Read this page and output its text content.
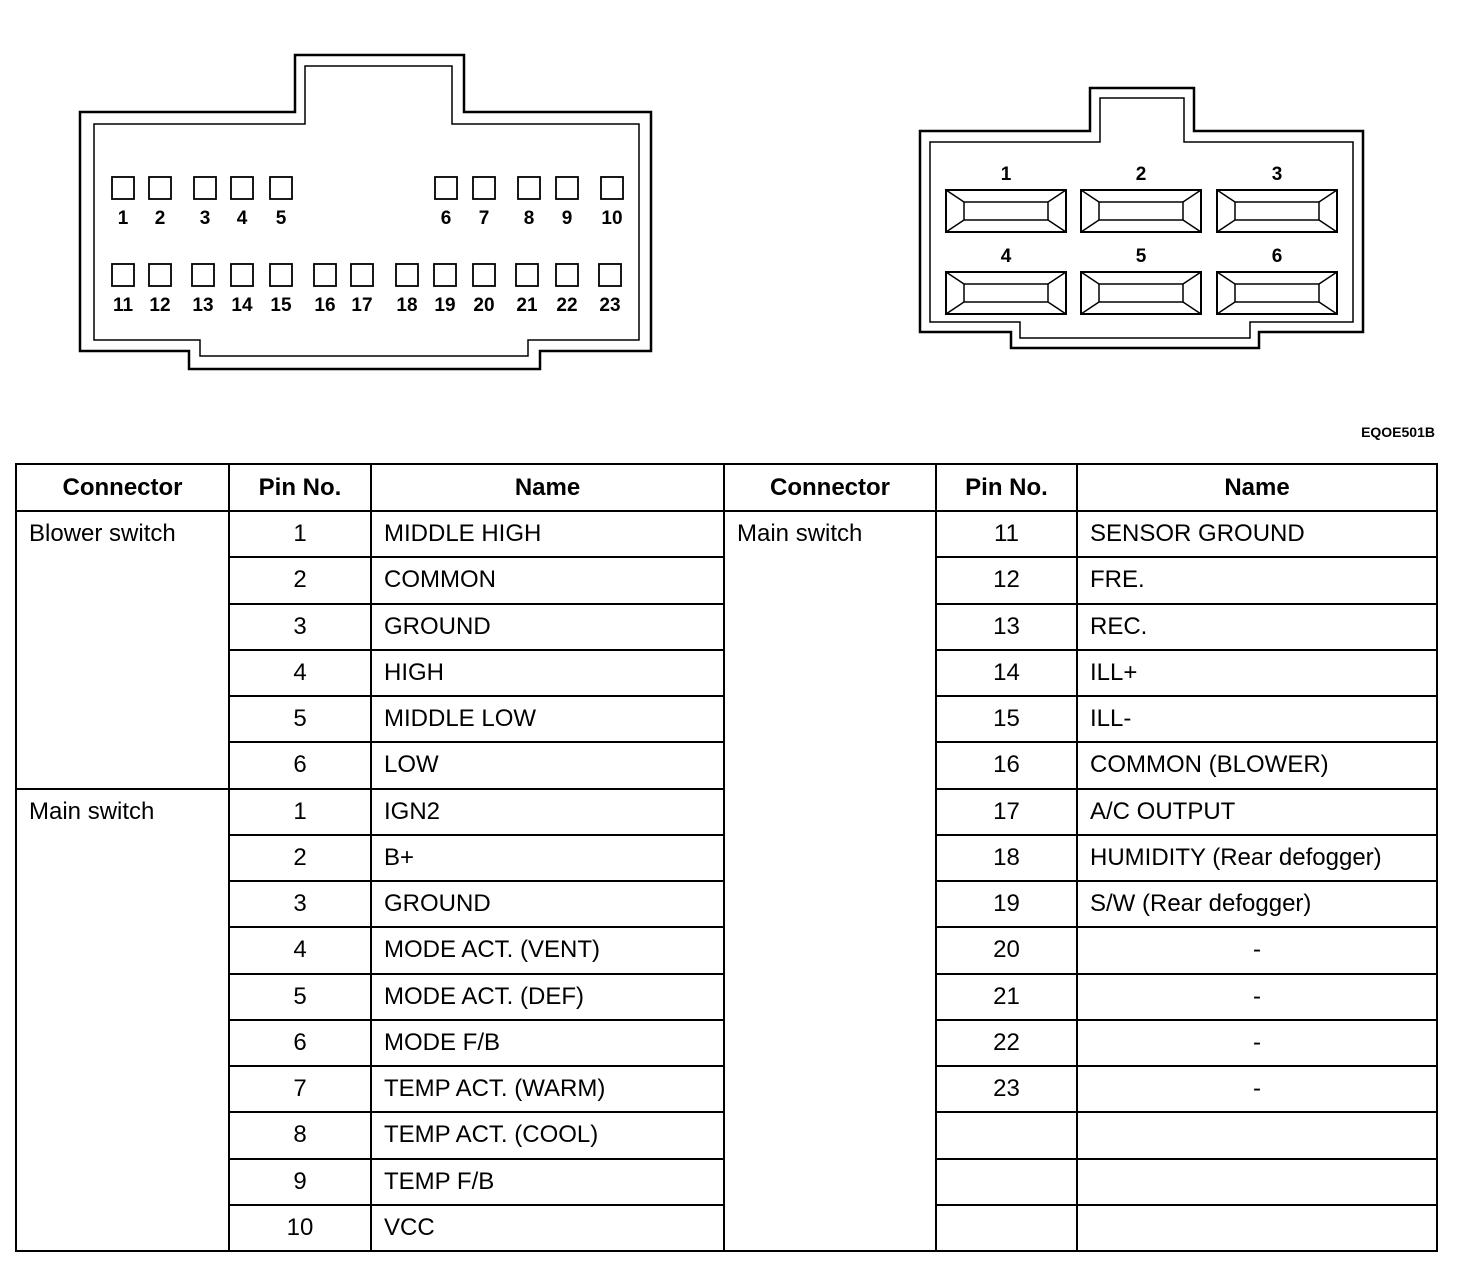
1 2 3 4 5	6 7 8 9 10
11 12 13 14 15 16 17 18 19 20 21 22 23
1	2	3
4	5	6
EQOE501B
Connector	Pin No.	Name	Connector	Pin No.	Name
Blower switch	1	MIDDLE HIGH	Main switch	11	SENSOR GROUND
	2	COMMON		12	FRE.
	3	GROUND		13	REC.
	4	HIGH		14	ILL+
	5	MIDDLE LOW		15	ILL-
	6	LOW		16	COMMON (BLOWER)
Main switch	1	IGN2		17	A/C OUTPUT
	2	B+		18	HUMIDITY (Rear defogger)
	3	GROUND		19	S/W (Rear defogger)
	4	MODE ACT. (VENT)		20	-
	5	MODE ACT. (DEF)		21	-
	6	MODE F/B		22	-
	7	TEMP ACT. (WARM)		23	-
	8	TEMP ACT. (COOL)			
	9	TEMP F/B			
	10	VCC			
